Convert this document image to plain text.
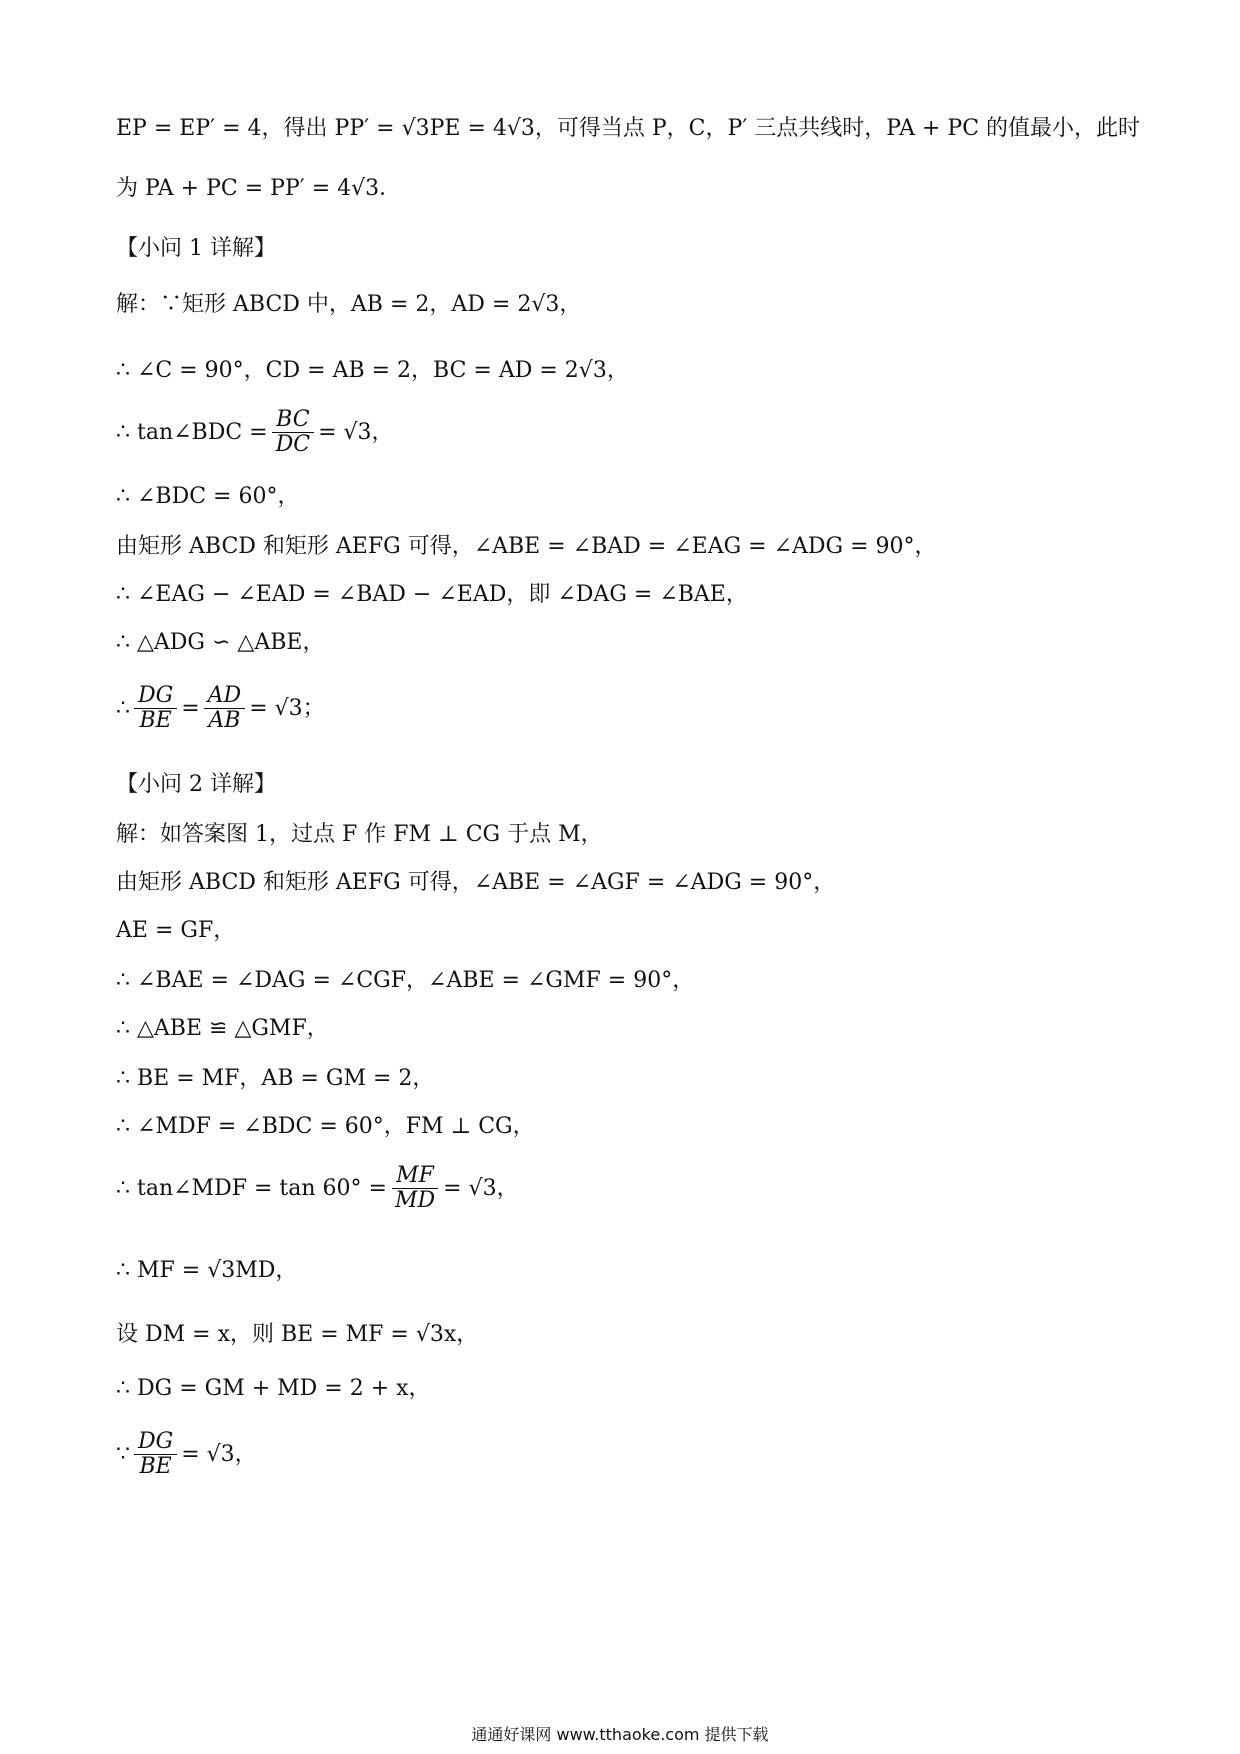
EP = EP′ = 4，得出 PP′ = √3PE = 4√3，可得当点 P，C，P′ 三点共线时，PA + PC 的值最小，此时
为 PA + PC = PP′ = 4√3．
【小问 1 详解】
解：∵矩形 ABCD 中，AB = 2，AD = 2√3，
∴ ∠C = 90°，CD = AB = 2，BC = AD = 2√3，
∴ tan∠BDC = $\frac{BC}{DC} = √3$，
∴ ∠BDC = 60°，
由矩形 ABCD 和矩形 AEFG 可得，∠ABE = ∠BAD = ∠EAG = ∠ADG = 90°，
∴ ∠EAG − ∠EAD = ∠BAD − ∠EAD，即 ∠DAG = ∠BAE，
∴ △ADG ∽ △ABE，
∴ $\frac{DG}{BE} = \frac{AD}{AB} = √3$；
【小问 2 详解】
解：如答案图 1，过点 F 作 FM ⊥ CG 于点 M，
由矩形 ABCD 和矩形 AEFG 可得，∠ABE = ∠AGF = ∠ADG = 90°，
AE = GF，
∴ ∠BAE = ∠DAG = ∠CGF，∠ABE = ∠GMF = 90°，
∴ △ABE ≌ △GMF，
∴ BE = MF，AB = GM = 2，
∴ ∠MDF = ∠BDC = 60°，FM ⊥ CG，
∴ tan∠MDF = $\tan 60^\circ = \frac{MF}{MD} = √3$，
∴ MF = √3MD，
设 DM = x，则 BE = MF = √3x，
∴ DG = GM + MD = 2 + x，
∵ $\frac{DG}{BE} = √3$，
通通好课网 www.tthaoke.com 提供下载
